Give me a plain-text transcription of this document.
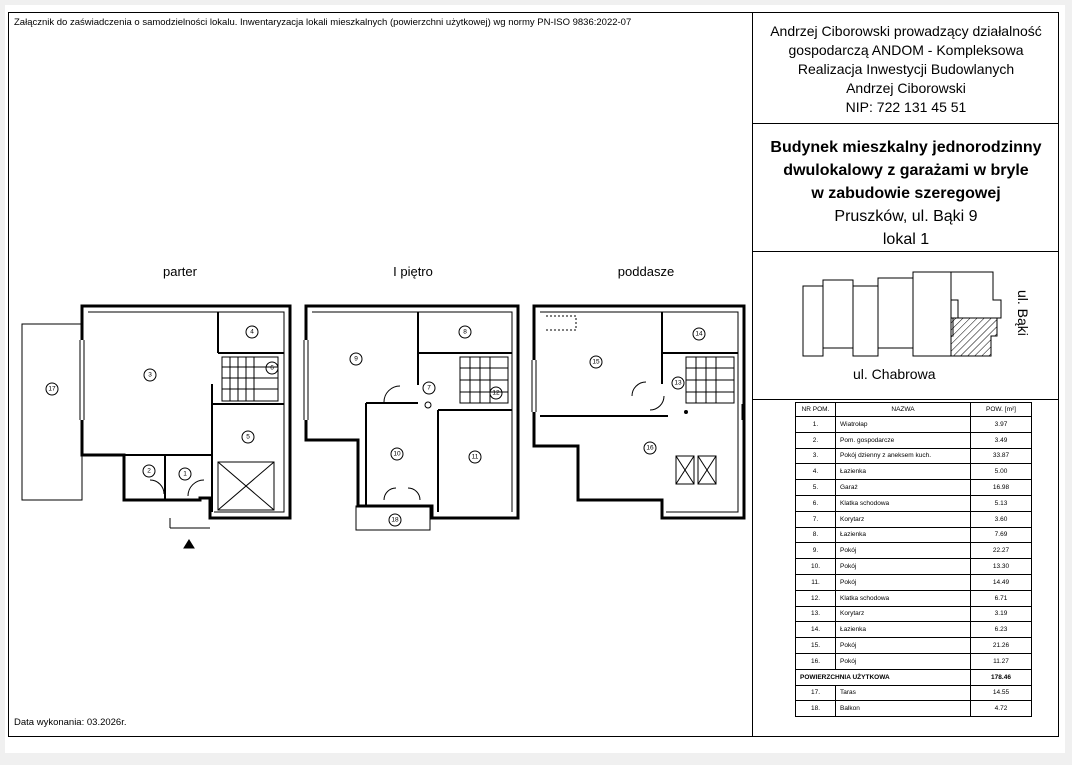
Załącznik do zaświadczenia o samodzielności lokalu. Inwentaryzacja lokali mieszkalnych (powierzchni użytkowej) wg normy PN-ISO 9836:2022-07
Data wykonania: 03.2026r.
Andrzej Ciborowski prowadzący działalność
gospodarczą ANDOM - Kompleksowa
Realizacja Inwestycji Budowlanych
Andrzej Ciborowski
NIP: 722 131 45 51
Budynek mieszkalny jednorodzinny
dwulokalowy z garażami w bryle
w zabudowie szeregowej
Pruszków, ul. Bąki 9
lokal 1
ul. Bąki
ul. Chabrowa
parter	I piętro	poddasze
1
2
3
4
5
6
7
8
9
10	11
12
13
14
15
16
17
18
NR POM.	NAZWA	POW. [m²]
1.	Wiatrołap	3.97
2.	Pom. gospodarcze	3.49
3.	Pokój dzienny z aneksem kuch.	33.87
4.	Łazienka	5.00
5.	Garaż	16.98
6.	Klatka schodowa	5.13
7.	Korytarz	3.60
8.	Łazienka	7.69
9.	Pokój	22.27
10.	Pokój	13.30
11.	Pokój	14.49
12.	Klatka schodowa	6.71
13.	Korytarz	3.19
14.	Łazienka	6.23
15.	Pokój	21.26
16.	Pokój	11.27
POWIERZCHNIA UŻYTKOWA		178.46
17.	Taras	14.55
18.	Balkon	4.72
